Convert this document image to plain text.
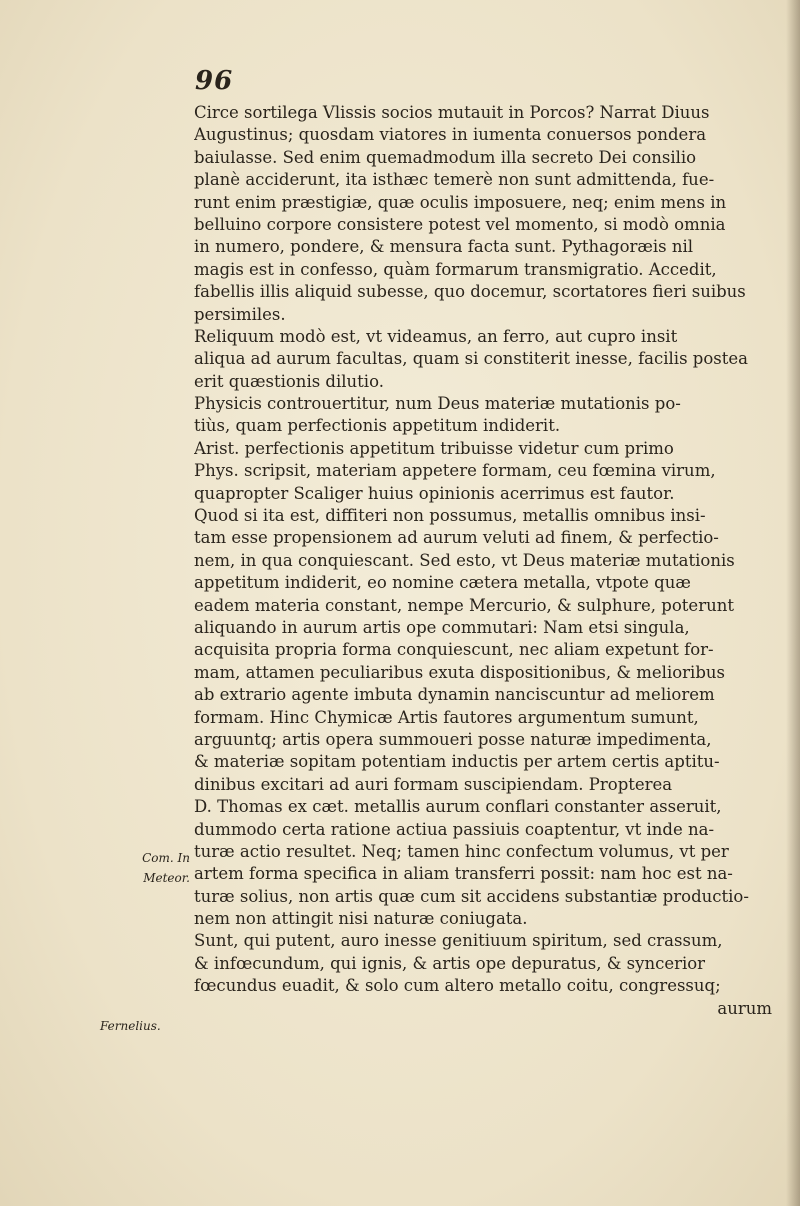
96
Circe sortilega Vlissis socios mutauit in Porcos? Narrat Diuus
Augustinus; quosdam viatores in iumenta conuersos pondera
baiulasse. Sed enim quemadmodum illa secreto Dei consilio
planè acciderunt, ita isthæc temerè non sunt admittenda, fue-
runt enim præstigiæ, quæ oculis imposuere, neq; enim mens in
belluino corpore consistere potest vel momento, si modò omnia
in numero, pondere, & mensura facta sunt. Pythagoræis nil
magis est in confesso, quàm formarum transmigratio. Accedit,
fabellis illis aliquid subesse, quo docemur, scortatores fieri suibus
persimiles.
Reliquum modò est, vt videamus, an ferro, aut cupro insit
aliqua ad aurum facultas, quam si constiterit inesse, facilis postea
erit quæstionis dilutio.
Physicis controuertitur, num Deus materiæ mutationis po-
tiùs, quam perfectionis appetitum indiderit.
Arist. perfectionis appetitum tribuisse videtur cum primo
Phys. scripsit, materiam appetere formam, ceu fœmina virum,
quapropter Scaliger huius opinionis acerrimus est fautor.
Quod si ita est, diffiteri non possumus, metallis omnibus insi-
tam esse propensionem ad aurum veluti ad finem, & perfectio-
nem, in qua conquiescant. Sed esto, vt Deus materiæ mutationis
appetitum indiderit, eo nomine cætera metalla, vtpote quæ
eadem materia constant, nempe Mercurio, & sulphure, poterunt
aliquando in aurum artis ope commutari: Nam etsi singula,
acquisita propria forma conquiescunt, nec aliam expetunt for-
mam, attamen peculiaribus exuta dispositionibus, & melioribus
ab extrario agente imbuta dynamin nanciscuntur ad meliorem
formam. Hinc Chymicæ Artis fautores argumentum sumunt,
arguuntq; artis opera summoueri posse naturæ impedimenta,
& materiæ sopitam potentiam inductis per artem certis aptitu-
dinibus excitari ad auri formam suscipiendam. Propterea
D. Thomas ex cæt. metallis aurum conflari constanter asseruit,
dummodo certa ratione actiua passiuis coaptentur, vt inde na-
turæ actio resultet. Neq; tamen hinc confectum volumus, vt per
artem forma specifica in aliam transferri possit: nam hoc est na-
turæ solius, non artis quæ cum sit accidens substantiæ productio-
nem non attingit nisi naturæ coniugata.
Sunt, qui putent, auro inesse genitiuum spiritum, sed crassum,
& infœcundum, qui ignis, & artis ope depuratus, & syncerior
fœcundus euadit, & solo cum altero metallo coitu, congressuq;
aurum
Com. In
Meteor.
Fernelius.
